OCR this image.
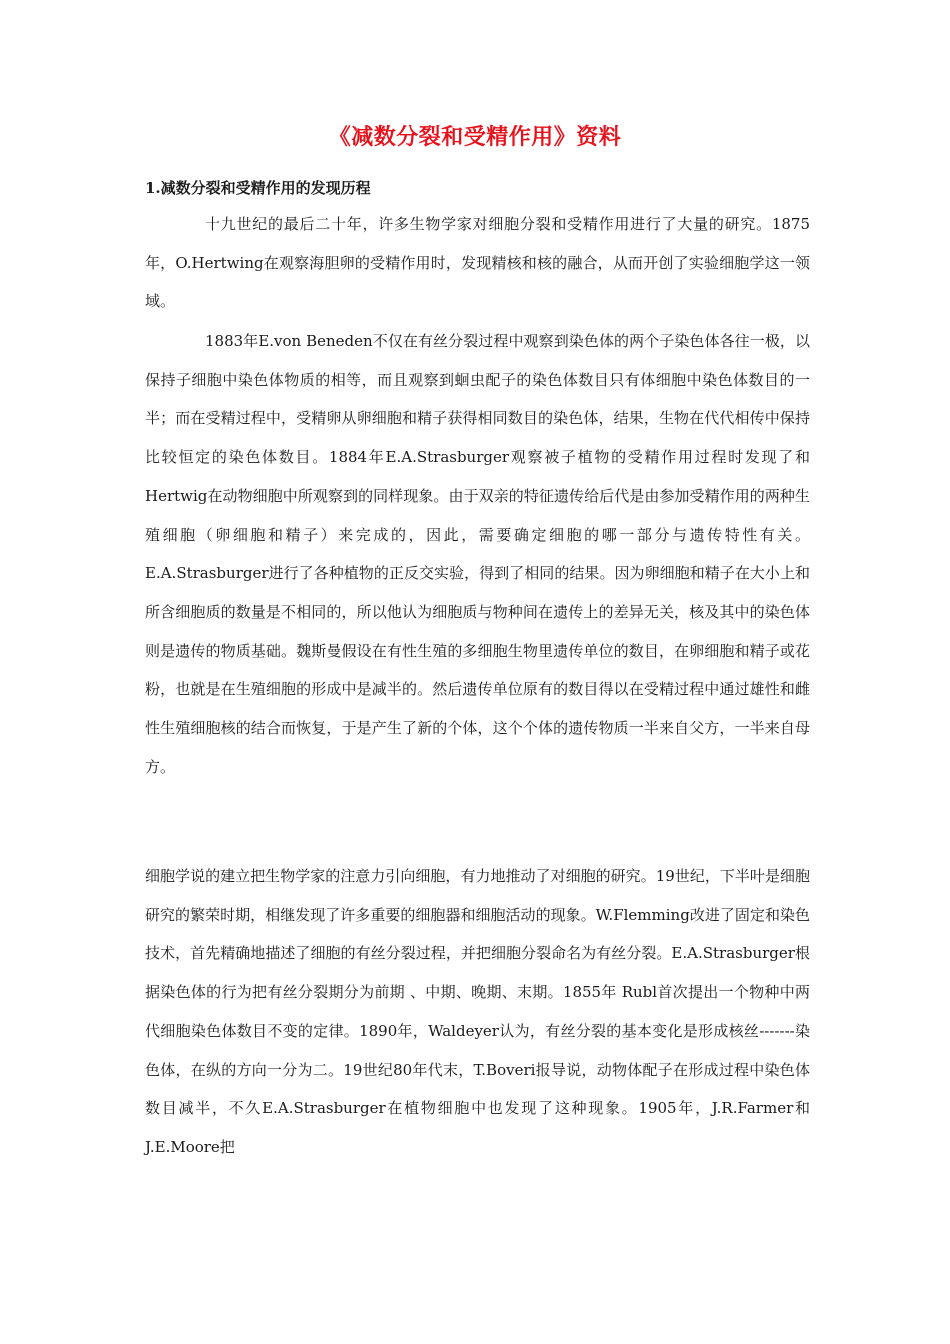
《减数分裂和受精作用》资料
1.减数分裂和受精作用的发现历程

十九世纪的最后二十年，许多生物学家对细胞分裂和受精作用进行了大量的研究。1875年，O.Hertwing在观察海胆卵的受精作用时，发现精核和核的融合，从而开创了实验细胞学这一领域。

1883年E.von Beneden不仅在有丝分裂过程中观察到染色体的两个子染色体各往一极，以保持子细胞中染色体物质的相等，而且观察到蛔虫配子的染色体数目只有体细胞中染色体数目的一半；而在受精过程中，受精卵从卵细胞和精子获得相同数目的染色体，结果，生物在代代相传中保持比较恒定的染色体数目。1884年E.A.Strasburger观察被子植物的受精作用过程时发现了和Hertwig在动物细胞中所观察到的同样现象。由于双亲的特征遗传给后代是由参加受精作用的两种生殖细胞（卵细胞和精子）来完成的，因此，需要确定细胞的哪一部分与遗传特性有关。E.A.Strasburger进行了各种植物的正反交实验，得到了相同的结果。因为卵细胞和精子在大小上和所含细胞质的数量是不相同的，所以他认为细胞质与物种间在遗传上的差异无关，核及其中的染色体则是遗传的物质基础。魏斯曼假设在有性生殖的多细胞生物里遗传单位的数目，在卵细胞和精子或花粉，也就是在生殖细胞的形成中是减半的。然后遗传单位原有的数目得以在受精过程中通过雄性和雌性生殖细胞核的结合而恢复，于是产生了新的个体，这个个体的遗传物质一半来自父方，一半来自母方。

细胞学说的建立把生物学家的注意力引向细胞，有力地推动了对细胞的研究。19世纪，下半叶是细胞研究的繁荣时期，相继发现了许多重要的细胞器和细胞活动的现象。W.Flemming改进了固定和染色技术，首先精确地描述了细胞的有丝分裂过程，并把细胞分裂命名为有丝分裂。E.A.Strasburger根据染色体的行为把有丝分裂期分为前期 、中期、晚期、末期。1855年 Rubl首次提出一个物种中两代细胞染色体数目不变的定律。1890年，Waldeyer认为，有丝分裂的基本变化是形成核丝-------染色体，在纵的方向一分为二。19世纪80年代末，T.Boveri报导说，动物体配子在形成过程中染色体数目减半，不久E.A.Strasburger在植物细胞中也发现了这种现象。1905年，J.R.Farmer和J.E.Moore把
